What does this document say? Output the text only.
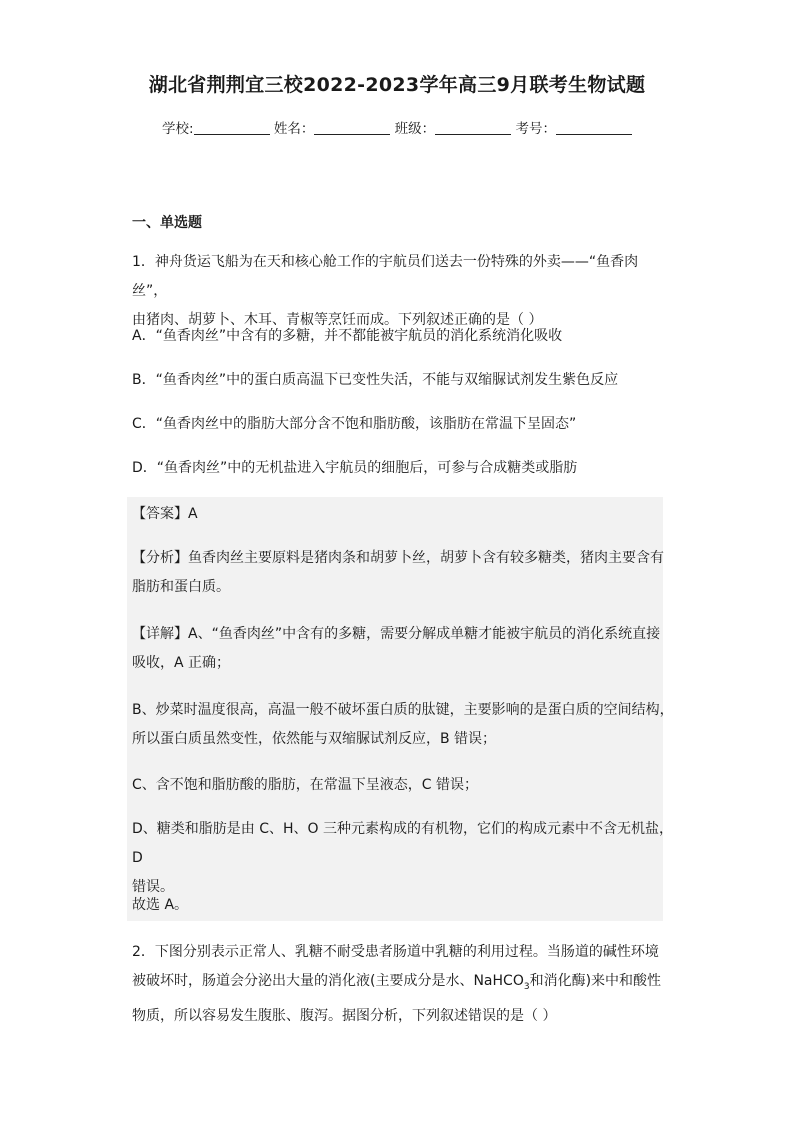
湖北省荆荆宜三校2022-2023学年高三9月联考生物试题
学校:	姓名：	班级：	考号：
一、单选题
1．神舟货运飞船为在天和核心舱工作的宇航员们送去一份特殊的外卖——“鱼香肉丝”，
由猪肉、胡萝卜、木耳、青椒等烹饪而成。下列叙述正确的是（ ）
A．“鱼香肉丝”中含有的多糖，并不都能被宇航员的消化系统消化吸收
B．“鱼香肉丝”中的蛋白质高温下已变性失活，不能与双缩脲试剂发生紫色反应
C．“鱼香肉丝中的脂肪大部分含不饱和脂肪酸，该脂肪在常温下呈固态”
D．“鱼香肉丝”中的无机盐进入宇航员的细胞后，可参与合成糖类或脂肪
【答案】A
【分析】鱼香肉丝主要原料是猪肉条和胡萝卜丝，胡萝卜含有较多糖类，猪肉主要含有
脂肪和蛋白质。
【详解】A、“鱼香肉丝”中含有的多糖，需要分解成单糖才能被宇航员的消化系统直接
吸收，A 正确；
B、炒菜时温度很高，高温一般不破坏蛋白质的肽键，主要影响的是蛋白质的空间结构，
所以蛋白质虽然变性，依然能与双缩脲试剂反应，B 错误；
C、含不饱和脂肪酸的脂肪，在常温下呈液态，C 错误；
D、糖类和脂肪是由 C、H、O 三种元素构成的有机物，它们的构成元素中不含无机盐，D
错误。
故选 A。
2．下图分别表示正常人、乳糖不耐受患者肠道中乳糖的利用过程。当肠道的碱性环境
被破坏时，肠道会分泌出大量的消化液(主要成分是水、NaHCO$_3$和消化酶)来中和酸性
物质，所以容易发生腹胀、腹泻。据图分析，下列叙述错误的是（ ）
